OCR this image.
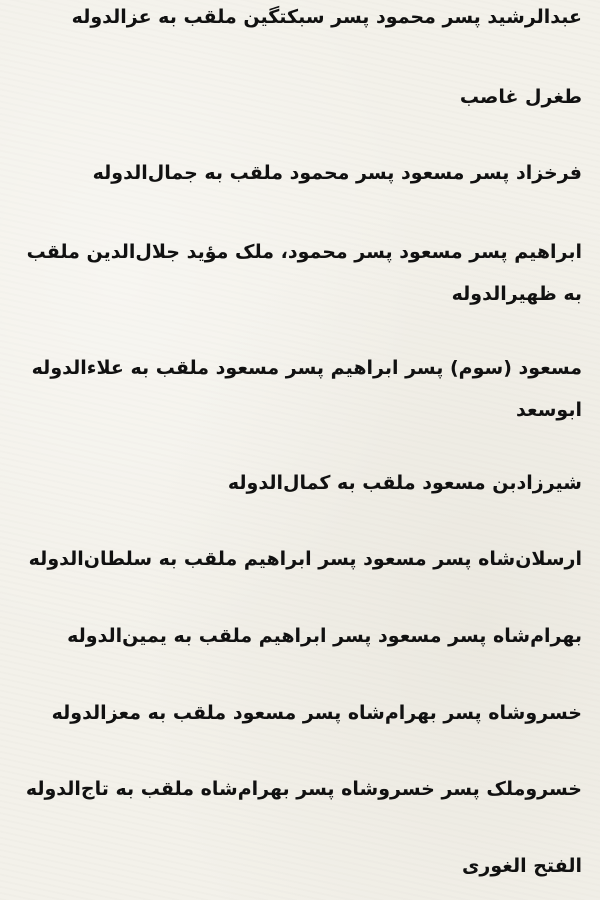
عبدالرشید پسر محمود پسر سبکتگین ملقب به عزالدوله

طغرل غاصب

فرخزاد پسر مسعود پسر محمود ملقب به جمال‌الدوله

ابراهیم پسر مسعود پسر محمود، ملک مؤید جلال‌الدین ملقب به ظهیرالدوله

مسعود (سوم) پسر ابراهیم پسر مسعود ملقب به علاءالدوله ابوسعد

شیرزادبن مسعود ملقب به کمال‌الدوله

ارسلان‌شاه پسر مسعود پسر ابراهیم ملقب به سلطان‌الدوله

بهرام‌شاه پسر مسعود پسر ابراهیم ملقب به یمین‌الدوله

خسروشاه پسر بهرام‌شاه پسر مسعود ملقب به معزالدوله

خسروملک پسر خسروشاه پسر بهرام‌شاه ملقب به تاج‌الدوله

الفتح الغوری
